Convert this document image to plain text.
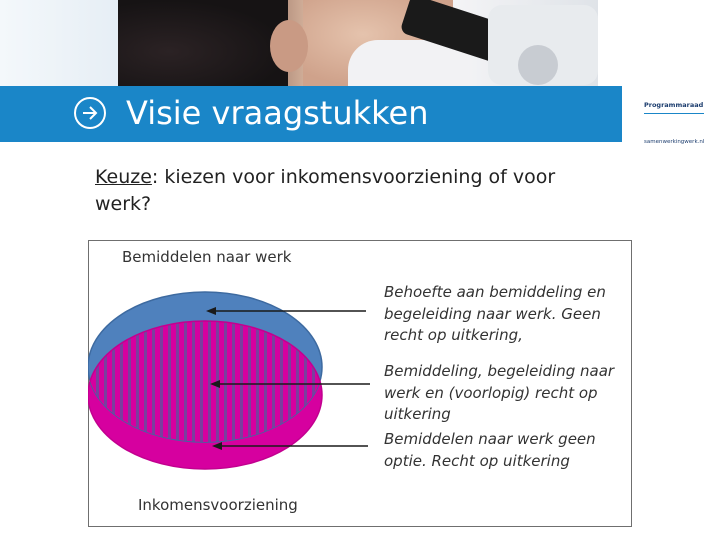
Visie vraagstukken	Programmaraad
samenwerkingwerk.nl
Keuze: kiezen voor inkomensvoorziening of voor werk?
Bemiddelen naar werk
Inkomensvoorziening
Behoefte aan bemiddeling en begeleiding naar werk. Geen recht op uitkering,
Bemiddeling, begeleiding naar werk en (voorlopig) recht op uitkering
Bemiddelen naar werk geen optie. Recht op uitkering
